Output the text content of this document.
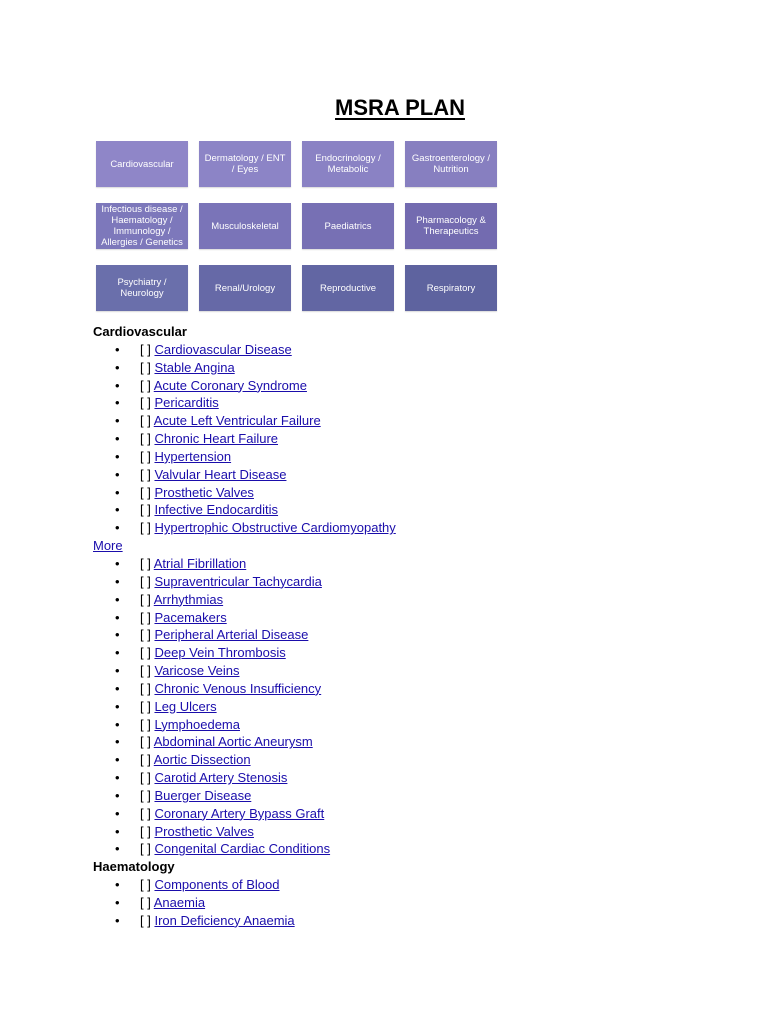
MSRA PLAN
Cardiovascular	Dermatology / ENT
/ Eyes
Endocrinology /
Metabolic
Gastroenterology /
Nutrition
Infectious disease /
Haematology /
Immunology /
Allergies / Genetics
Musculoskeletal	Paediatrics	Pharmacology &
Therapeutics
Psychiatry /
Neurology	Renal/Urology	Reproductive	Respiratory
Cardiovascular
• [ ] Cardiovascular Disease
• [ ] Stable Angina
• [ ] Acute Coronary Syndrome
• [ ] Pericarditis
• [ ] Acute Left Ventricular Failure
• [ ] Chronic Heart Failure
• [ ] Hypertension
• [ ] Valvular Heart Disease
• [ ] Prosthetic Valves
• [ ] Infective Endocarditis
• [ ] Hypertrophic Obstructive Cardiomyopathy
More
• [ ] Atrial Fibrillation
• [ ] Supraventricular Tachycardia
• [ ] Arrhythmias
• [ ] Pacemakers
• [ ] Peripheral Arterial Disease
• [ ] Deep Vein Thrombosis
• [ ] Varicose Veins
• [ ] Chronic Venous Insufficiency
• [ ] Leg Ulcers
• [ ] Lymphoedema
• [ ] Abdominal Aortic Aneurysm
• [ ] Aortic Dissection
• [ ] Carotid Artery Stenosis
• [ ] Buerger Disease
• [ ] Coronary Artery Bypass Graft
• [ ] Prosthetic Valves
• [ ] Congenital Cardiac Conditions
Haematology
• [ ] Components of Blood
• [ ] Anaemia
• [ ] Iron Deficiency Anaemia
